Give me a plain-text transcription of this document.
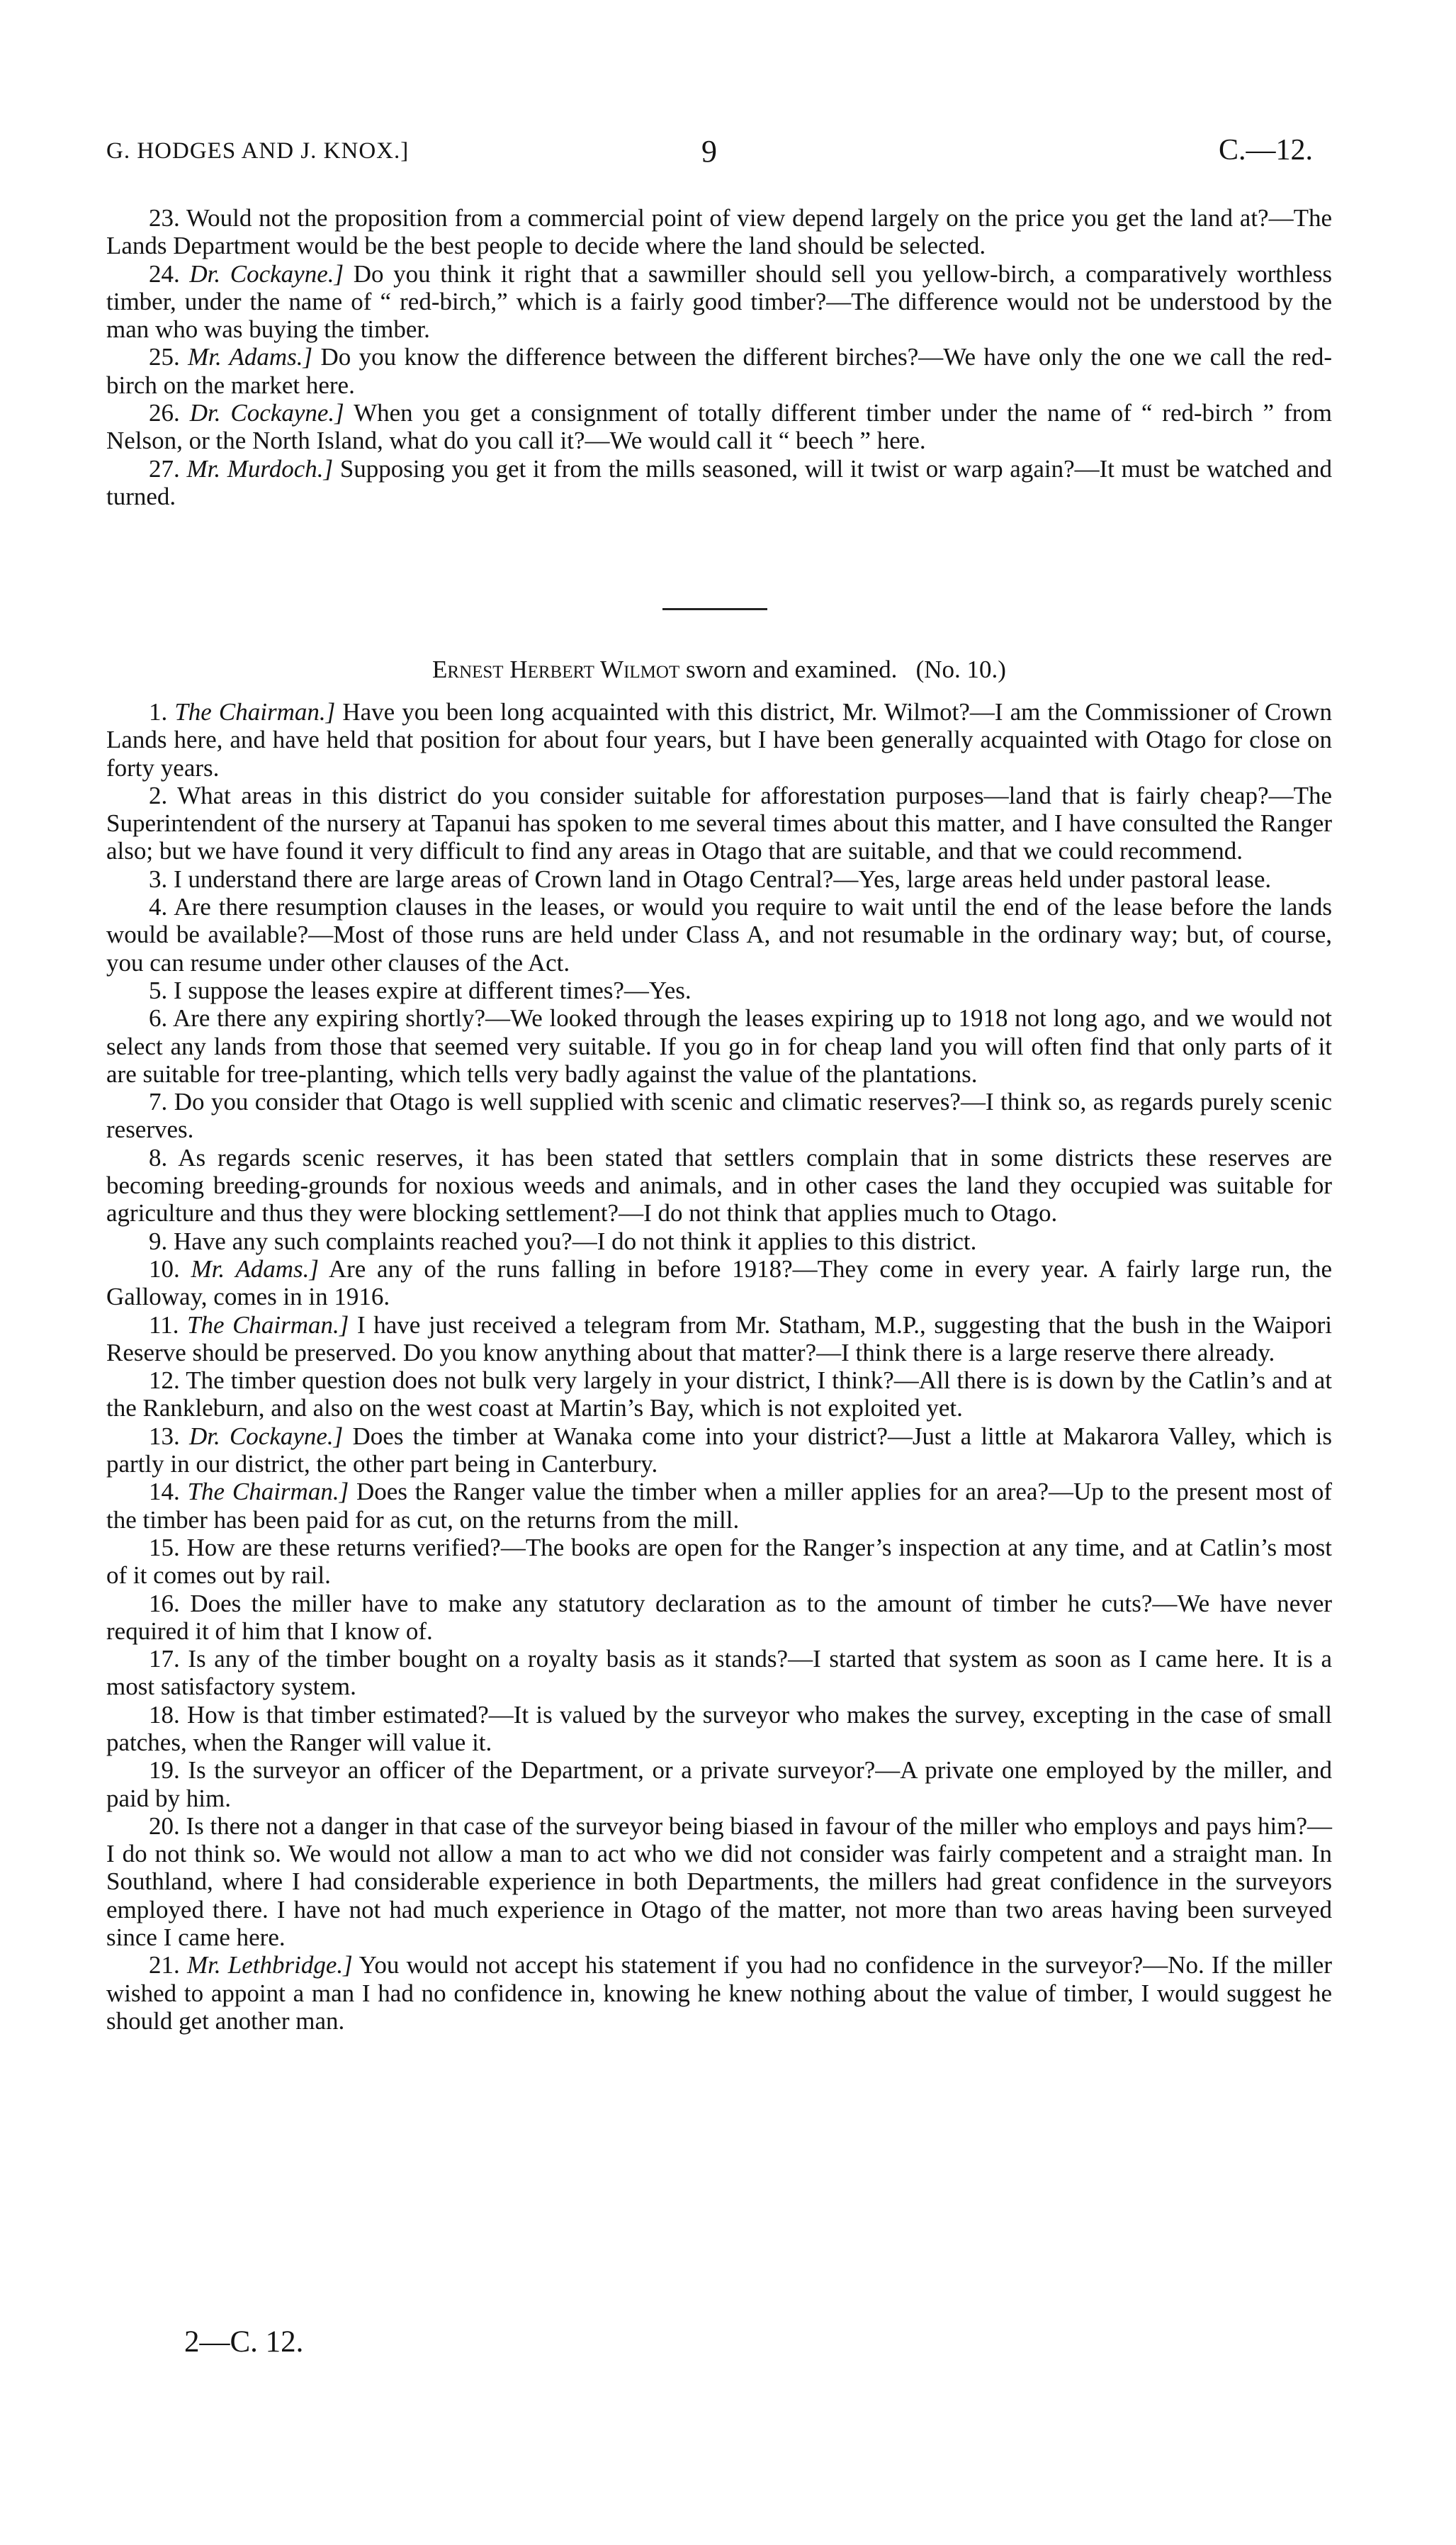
G. HODGES AND J. KNOX.]	9	C.—12.

23. Would not the proposition from a commercial point of view depend largely on the price you get the land at?—The Lands Department would be the best people to decide where the land should be selected.

24. Dr. Cockayne.] Do you think it right that a sawmiller should sell you yellow-birch, a comparatively worthless timber, under the name of “ red-birch,” which is a fairly good timber?—The difference would not be understood by the man who was buying the timber.

25. Mr. Adams.] Do you know the difference between the different birches?—We have only the one we call the red-birch on the market here.

26. Dr. Cockayne.] When you get a consignment of totally different timber under the name of “ red-birch ” from Nelson, or the North Island, what do you call it?—We would call it “ beech ” here.

27. Mr. Murdoch.] Supposing you get it from the mills seasoned, will it twist or warp again?—It must be watched and turned.

Ernest Herbert Wilmot sworn and examined. (No. 10.)

1. The Chairman.] Have you been long acquainted with this district, Mr. Wilmot?—I am the Commissioner of Crown Lands here, and have held that position for about four years, but I have been generally acquainted with Otago for close on forty years.

2. What areas in this district do you consider suitable for afforestation purposes—land that is fairly cheap?—The Superintendent of the nursery at Tapanui has spoken to me several times about this matter, and I have consulted the Ranger also; but we have found it very difficult to find any areas in Otago that are suitable, and that we could recommend.

3. I understand there are large areas of Crown land in Otago Central?—Yes, large areas held under pastoral lease.

4. Are there resumption clauses in the leases, or would you require to wait until the end of the lease before the lands would be available?—Most of those runs are held under Class A, and not resumable in the ordinary way; but, of course, you can resume under other clauses of the Act.

5. I suppose the leases expire at different times?—Yes.

6. Are there any expiring shortly?—We looked through the leases expiring up to 1918 not long ago, and we would not select any lands from those that seemed very suitable. If you go in for cheap land you will often find that only parts of it are suitable for tree-planting, which tells very badly against the value of the plantations.

7. Do you consider that Otago is well supplied with scenic and climatic reserves?—I think so, as regards purely scenic reserves.

8. As regards scenic reserves, it has been stated that settlers complain that in some districts these reserves are becoming breeding-grounds for noxious weeds and animals, and in other cases the land they occupied was suitable for agriculture and thus they were blocking settlement?—I do not think that applies much to Otago.

9. Have any such complaints reached you?—I do not think it applies to this district.

10. Mr. Adams.] Are any of the runs falling in before 1918?—They come in every year. A fairly large run, the Galloway, comes in in 1916.

11. The Chairman.] I have just received a telegram from Mr. Statham, M.P., suggesting that the bush in the Waipori Reserve should be preserved. Do you know anything about that matter?—I think there is a large reserve there already.

12. The timber question does not bulk very largely in your district, I think?—All there is is down by the Catlin’s and at the Rankleburn, and also on the west coast at Martin’s Bay, which is not exploited yet.

13. Dr. Cockayne.] Does the timber at Wanaka come into your district?—Just a little at Makarora Valley, which is partly in our district, the other part being in Canterbury.

14. The Chairman.] Does the Ranger value the timber when a miller applies for an area?—Up to the present most of the timber has been paid for as cut, on the returns from the mill.

15. How are these returns verified?—The books are open for the Ranger’s inspection at any time, and at Catlin’s most of it comes out by rail.

16. Does the miller have to make any statutory declaration as to the amount of timber he cuts?—We have never required it of him that I know of.

17. Is any of the timber bought on a royalty basis as it stands?—I started that system as soon as I came here. It is a most satisfactory system.

18. How is that timber estimated?—It is valued by the surveyor who makes the survey, excepting in the case of small patches, when the Ranger will value it.

19. Is the surveyor an officer of the Department, or a private surveyor?—A private one employed by the miller, and paid by him.

20. Is there not a danger in that case of the surveyor being biased in favour of the miller who employs and pays him?—I do not think so. We would not allow a man to act who we did not consider was fairly competent and a straight man. In Southland, where I had considerable experience in both Departments, the millers had great confidence in the surveyors employed there. I have not had much experience in Otago of the matter, not more than two areas having been surveyed since I came here.

21. Mr. Lethbridge.] You would not accept his statement if you had no confidence in the surveyor?—No. If the miller wished to appoint a man I had no confidence in, knowing he knew nothing about the value of timber, I would suggest he should get another man.

2—C. 12.
